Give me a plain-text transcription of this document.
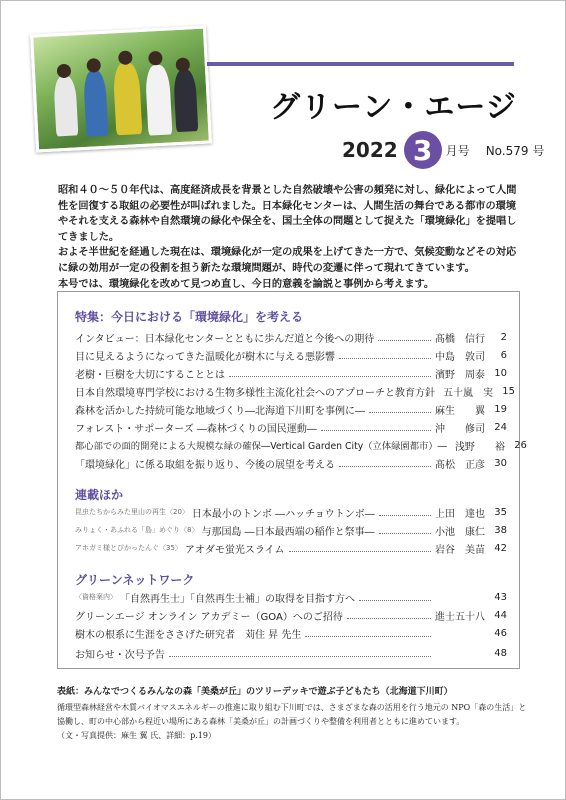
グリーン・エージ
2022 3	月号 No.579 号

昭和４０～５０年代は、高度経済成長を背景とした自然破壊や公害の頻発に対し、緑化によって人間性を回復する取組の必要性が叫ばれました。日本緑化センターは、人間生活の舞台である都市の環境やそれを支える森林や自然環境の緑化や保全を、国土全体の問題として捉えた「環境緑化」を提唱してきました。

およそ半世紀を経過した現在は、環境緑化が一定の成果を上げてきた一方で、気候変動などその対応に緑の効用が一定の役割を担う新たな環境問題が、時代の変遷に伴って現れてきています。

本号では、環境緑化を改めて見つめ直し、今日的意義を論説と事例から考えます。

特集：今日における「環境緑化」を考える
インタビュー：日本緑化センターとともに歩んだ道と今後への期待	髙橋　信行	2
目に見えるようになってきた温暖化が樹木に与える悪影響	中島　敦司	6
老樹・巨樹を大切にすることとは	濱野　周泰 10
日本自然環境専門学校における生物多様性主流化社会へのアプローチと教育方針 五十嵐　実 15
森林を活かした持続可能な地域づくり―北海道下川町を事例に―	麻生　　翼 19
フォレスト・サポーターズ ―森林づくりの国民運動―	沖　　修司 24
都心部での面的開発による大規模な緑の確保―Vertical Garden City（立体緑園都市）― 浅野　　裕 26
「環境緑化」に係る取組を振り返り、今後の展望を考える	髙松　正彦 30
連載ほか
昆虫たちからみた里山の再生〈20〉 日本最小のトンボ ―ハッチョウトンボ―	上田　達也 35
みりょく・あふれる「島」めぐり〈8〉 与那国島 ―日本最西端の稲作と祭事―	小池　康仁 38
アホガミ様とぴかったんぐ〈35〉 アオダモ蛍光スライム	岩谷　美苗 42
グリーンネットワーク
〈資格案内〉 「自然再生士」「自然再生士補」の取得を目指す方へ	43
グリーンエージ オンライン アカデミー（GOA）へのご招待	進士五十八 44
樹木の根系に生涯をささげた研究者　苅住 昇 先生	46
お知らせ・次号予告	48
表紙：みんなでつくるみんなの森「美桑が丘」のツリーデッキで遊ぶ子どもたち（北海道下川町）
循環型森林経営や木質バイオマスエネルギーの推進に取り組む下川町では、さまざまな森の活用を行う地元の NPO「森の生活」と協働し、町の中心部から程近い場所にある森林「美桑が丘」の計画づくりや整備を利用者とともに進めています。
（文・写真提供：麻生 翼 氏、詳細：p.19）
